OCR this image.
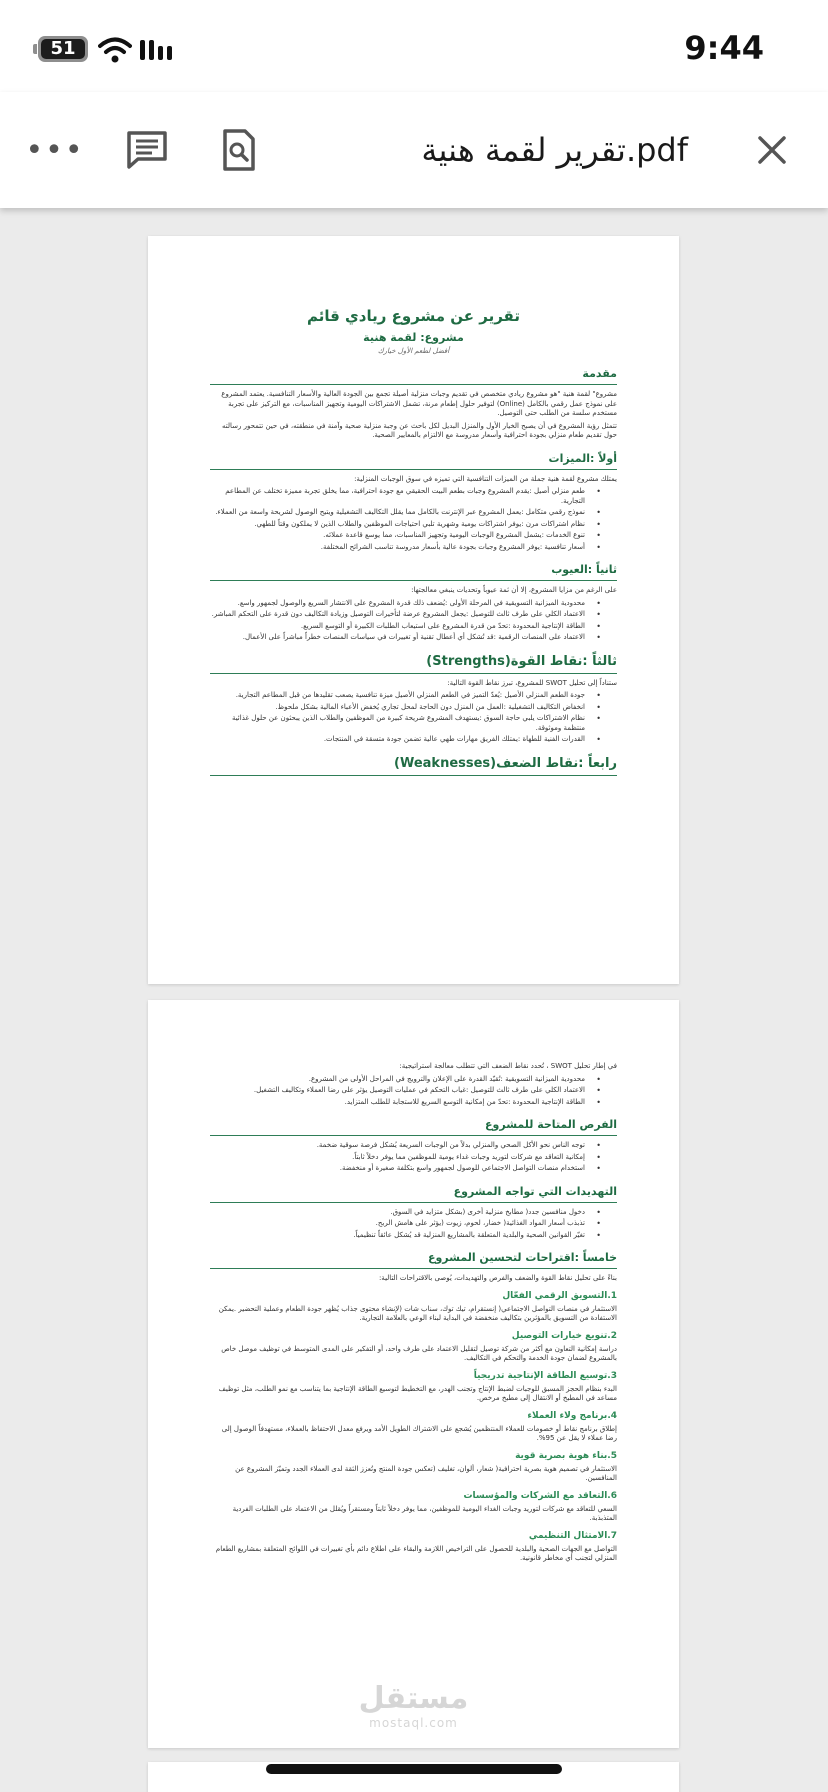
51	9:44
•••	تقرير لقمة هنية.pdf
تقرير عن مشروع ريادي قائم
مشروع: لقمة هنية
أفضل لطعم الأول خيارك
مقدمة
مشروع" لقمة هنية "هو مشروع ريادي متخصص في تقديم وجبات منزلية أصيلة تجمع بين الجودة العالية والأسعار التنافسية. يعتمد المشروع على نموذج عمل رقمي بالكامل (Online) لتوفير حلول إطعام مرنة، تشمل الاشتراكات اليومية وتجهيز المناسبات، مع التركيز على تجربة مستخدم سلسة من الطلب حتى التوصيل.
تتمثل رؤية المشروع في أن يصبح الخيار الأول والمنزل البديل لكل باحث عن وجبة منزلية صحية وآمنة في منطقته، في حين تتمحور رسالته حول تقديم طعام منزلي بجودة احترافية وأسعار مدروسة مع الالتزام بالمعايير الصحية.
أولاً :الميزات
يمتلك مشروع لقمة هنية جملة من الميزات التنافسية التي تميزه في سوق الوجبات المنزلية:
• طعم منزلي أصيل :يقدم المشروع وجبات بطعم البيت الحقيقي مع جودة احترافية، مما يخلق تجربة مميزة تختلف عن المطاعم التجارية.
• نموذج رقمي متكامل :يعمل المشروع عبر الإنترنت بالكامل مما يقلل التكاليف التشغيلية ويتيح الوصول لشريحة واسعة من العملاء.
• نظام اشتراكات مرن :يوفر اشتراكات يومية وشهرية تلبي احتياجات الموظفين والطلاب الذين لا يملكون وقتاً للطهي.
• تنوع الخدمات :يشمل المشروع الوجبات اليومية وتجهيز المناسبات، مما يوسع قاعدة عملائه.
• أسعار تنافسية :يوفر المشروع وجبات بجودة عالية بأسعار مدروسة تناسب الشرائح المختلفة.
ثانياً :العيوب
على الرغم من مزايا المشروع، إلا أن ثمة عيوباً وتحديات ينبغي معالجتها:
• محدودية الميزانية التسويقية في المرحلة الأولى :يُضعف ذلك قدرة المشروع على الانتشار السريع والوصول لجمهور واسع.
• الاعتماد الكلي على طرف ثالث للتوصيل :يجعل المشروع عرضة لتأخيرات التوصيل وزيادة التكاليف دون قدرة على التحكم المباشر.
• الطاقة الإنتاجية المحدودة :تحدّ من قدرة المشروع على استيعاب الطلبات الكبيرة أو التوسع السريع.
• الاعتماد على المنصات الرقمية :قد تُشكل أي أعطال تقنية أو تغييرات في سياسات المنصات خطراً مباشراً على الأعمال.
ثالثاً :نقاط القوة(Strengths)
ستناداً إلى تحليل SWOT للمشروع، تبرز نقاط القوة التالية:
• جودة الطعم المنزلي الأصيل :يُعدّ التميز في الطعم المنزلي الأصيل ميزة تنافسية يصعب تقليدها من قبل المطاعم التجارية.
• انخفاض التكاليف التشغيلية :العمل من المنزل دون الحاجة لمحل تجاري يُخفض الأعباء المالية بشكل ملحوظ.
• نظام الاشتراكات يلبي حاجة السوق :يستهدف المشروع شريحة كبيرة من الموظفين والطلاب الذين يبحثون عن حلول غذائية منتظمة وموثوقة.
• القدرات الفنية للطهاة :يمتلك الفريق مهارات طهي عالية تضمن جودة متسقة في المنتجات.
رابعاً :نقاط الضعف(Weaknesses)
في إطار تحليل SWOT ، تُحدد نقاط الضعف التي تتطلب معالجة استراتيجية:
• محدودية الميزانية التسويقية :تُقيّد القدرة على الإعلان والترويج في المراحل الأولى من المشروع.
• الاعتماد الكلي على طرف ثالث للتوصيل :غياب التحكم في عمليات التوصيل يؤثر على رضا العملاء وتكاليف التشغيل.
• الطاقة الإنتاجية المحدودة :تحدّ من إمكانية التوسع السريع للاستجابة للطلب المتزايد.
الفرص المتاحة للمشروع
• توجه الناس نحو الأكل الصحي والمنزلي بدلاً من الوجبات السريعة يُشكل فرصة سوقية ضخمة.
• إمكانية التعاقد مع شركات لتوريد وجبات غداء يومية للموظفين مما يوفر دخلاً ثابتاً.
• استخدام منصات التواصل الاجتماعي للوصول لجمهور واسع بتكلفة صغيرة أو منخفضة.
التهديدات التي تواجه المشروع
• دخول منافسين جدد( مطابخ منزلية أخرى (بشكل متزايد في السوق.
• تذبذب أسعار المواد الغذائية( خضار، لحوم، زيوت (يؤثر على هامش الربح.
• تغيّر القوانين الصحية والبلدية المتعلقة بالمشاريع المنزلية قد يُشكل عائقاً تنظيمياً.
خامساً :اقتراحات لتحسين المشروع
بناءً على تحليل نقاط القوة والضعف والفرص والتهديدات، يُوصى بالاقتراحات التالية:
1.التسويق الرقمي الفعّال
الاستثمار في منصات التواصل الاجتماعي( إنستقرام، تيك توك، سناب شات (لإنشاء محتوى جذاب يُظهر جودة الطعام وعملية التحضير .يمكن الاستفادة من التسويق بالمؤثرين بتكاليف منخفضة في البداية لبناء الوعي بالعلامة التجارية.
2.تنويع خيارات التوصيل
دراسة إمكانية التعاون مع أكثر من شركة توصيل لتقليل الاعتماد على طرف واحد، أو التفكير على المدى المتوسط في توظيف موصل خاص بالمشروع لضمان جودة الخدمة والتحكم في التكاليف.
3.توسيع الطاقة الإنتاجية تدريجياً
البدء بنظام الحجز المسبق للوجبات لضبط الإنتاج وتجنب الهدر، مع التخطيط لتوسيع الطاقة الإنتاجية بما يتناسب مع نمو الطلب، مثل توظيف مساعد في المطبخ أو الانتقال إلى مطبخ مرخص.
4.برنامج ولاء العملاء
إطلاق برنامج نقاط أو خصومات للعملاء المنتظمين يُشجع على الاشتراك الطويل الأمد ويرفع معدل الاحتفاظ بالعملاء، مستهدفاً الوصول إلى رضا عملاء لا يقل عن 95%.
5.بناء هوية بصرية قوية
الاستثمار في تصميم هوية بصرية احترافية( شعار، ألوان، تغليف (تعكس جودة المنتج وتُعزز الثقة لدى العملاء الجدد وتميّز المشروع عن المنافسين.
6.التعاقد مع الشركات والمؤسسات
السعي للتعاقد مع شركات لتوريد وجبات الغداء اليومية للموظفين، مما يوفر دخلاً ثابتاً ومستقراً ويُقلل من الاعتماد على الطلبات الفردية المتذبذبة.
7.الامتثال التنظيمي
التواصل مع الجهات الصحية والبلدية للحصول على التراخيص اللازمة والبقاء على اطلاع دائم بأي تغييرات في اللوائح المتعلقة بمشاريع الطعام المنزلي لتجنب أي مخاطر قانونية.
مستقل
mostaql.com
